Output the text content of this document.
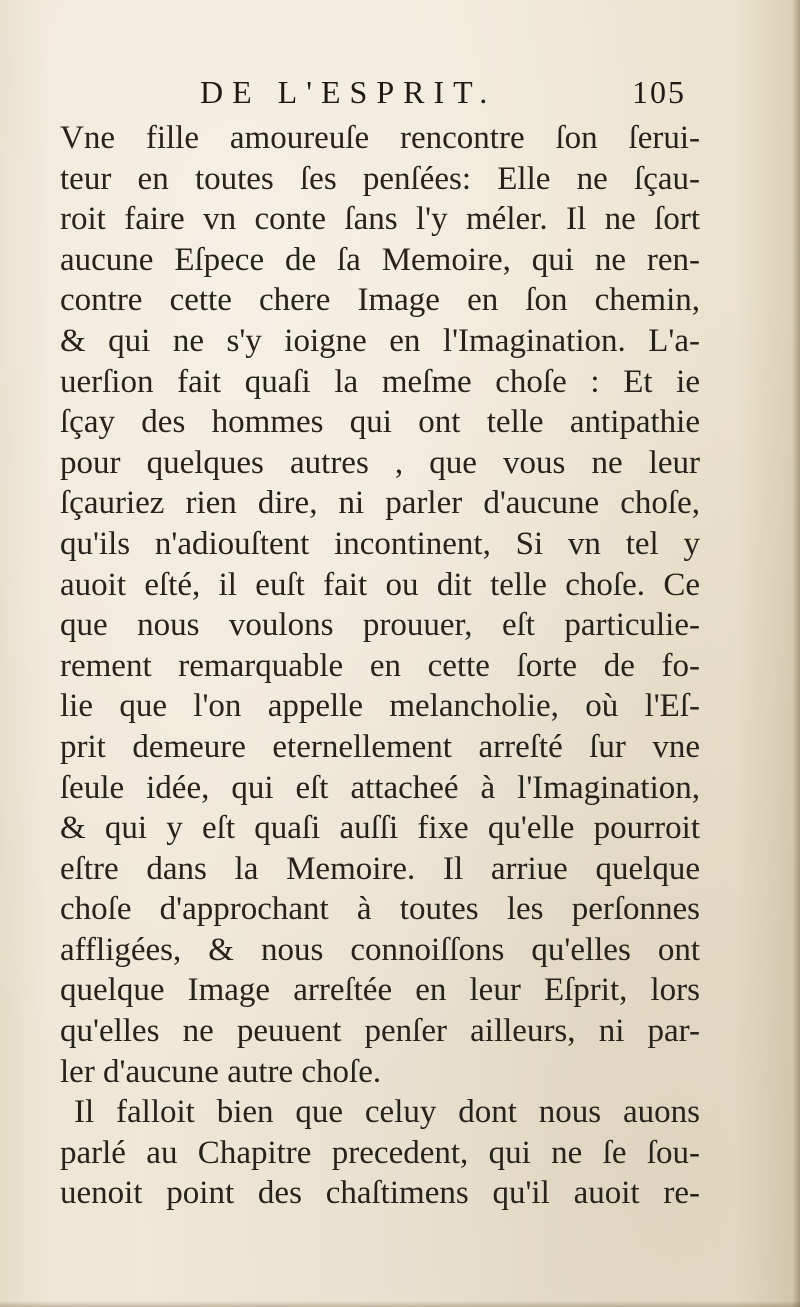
DE L'ESPRIT.	105
Vne fille amoureuſe rencontre ſon ſerui-
teur en toutes ſes penſées: Elle ne ſçau-
roit faire vn conte ſans l'y méler. Il ne ſort
aucune Eſpece de ſa Memoire, qui ne ren-
contre cette chere Image en ſon chemin,
& qui ne s'y ioigne en l'Imagination. L'a-
uerſion fait quaſi la meſme choſe : Et ie
ſçay des hommes qui ont telle antipathie
pour quelques autres , que vous ne leur
ſçauriez rien dire, ni parler d'aucune choſe,
qu'ils n'adiouſtent incontinent, Si vn tel y
auoit eſté, il euſt fait ou dit telle choſe. Ce
que nous voulons prouuer, eſt particulie-
rement remarquable en cette ſorte de fo-
lie que l'on appelle melancholie, où l'Eſ-
prit demeure eternellement arreſté ſur vne
ſeule idée, qui eſt attacheé à l'Imagination,
& qui y eſt quaſi auſſi fixe qu'elle pourroit
eſtre dans la Memoire. Il arriue quelque
choſe d'approchant à toutes les perſonnes
affligées, & nous connoiſſons qu'elles ont
quelque Image arreſtée en leur Eſprit, lors
qu'elles ne peuuent penſer ailleurs, ni par-
ler d'aucune autre choſe.
Il falloit bien que celuy dont nous auons
parlé au Chapitre precedent, qui ne ſe ſou-
uenoit point des chaſtimens qu'il auoit re-
